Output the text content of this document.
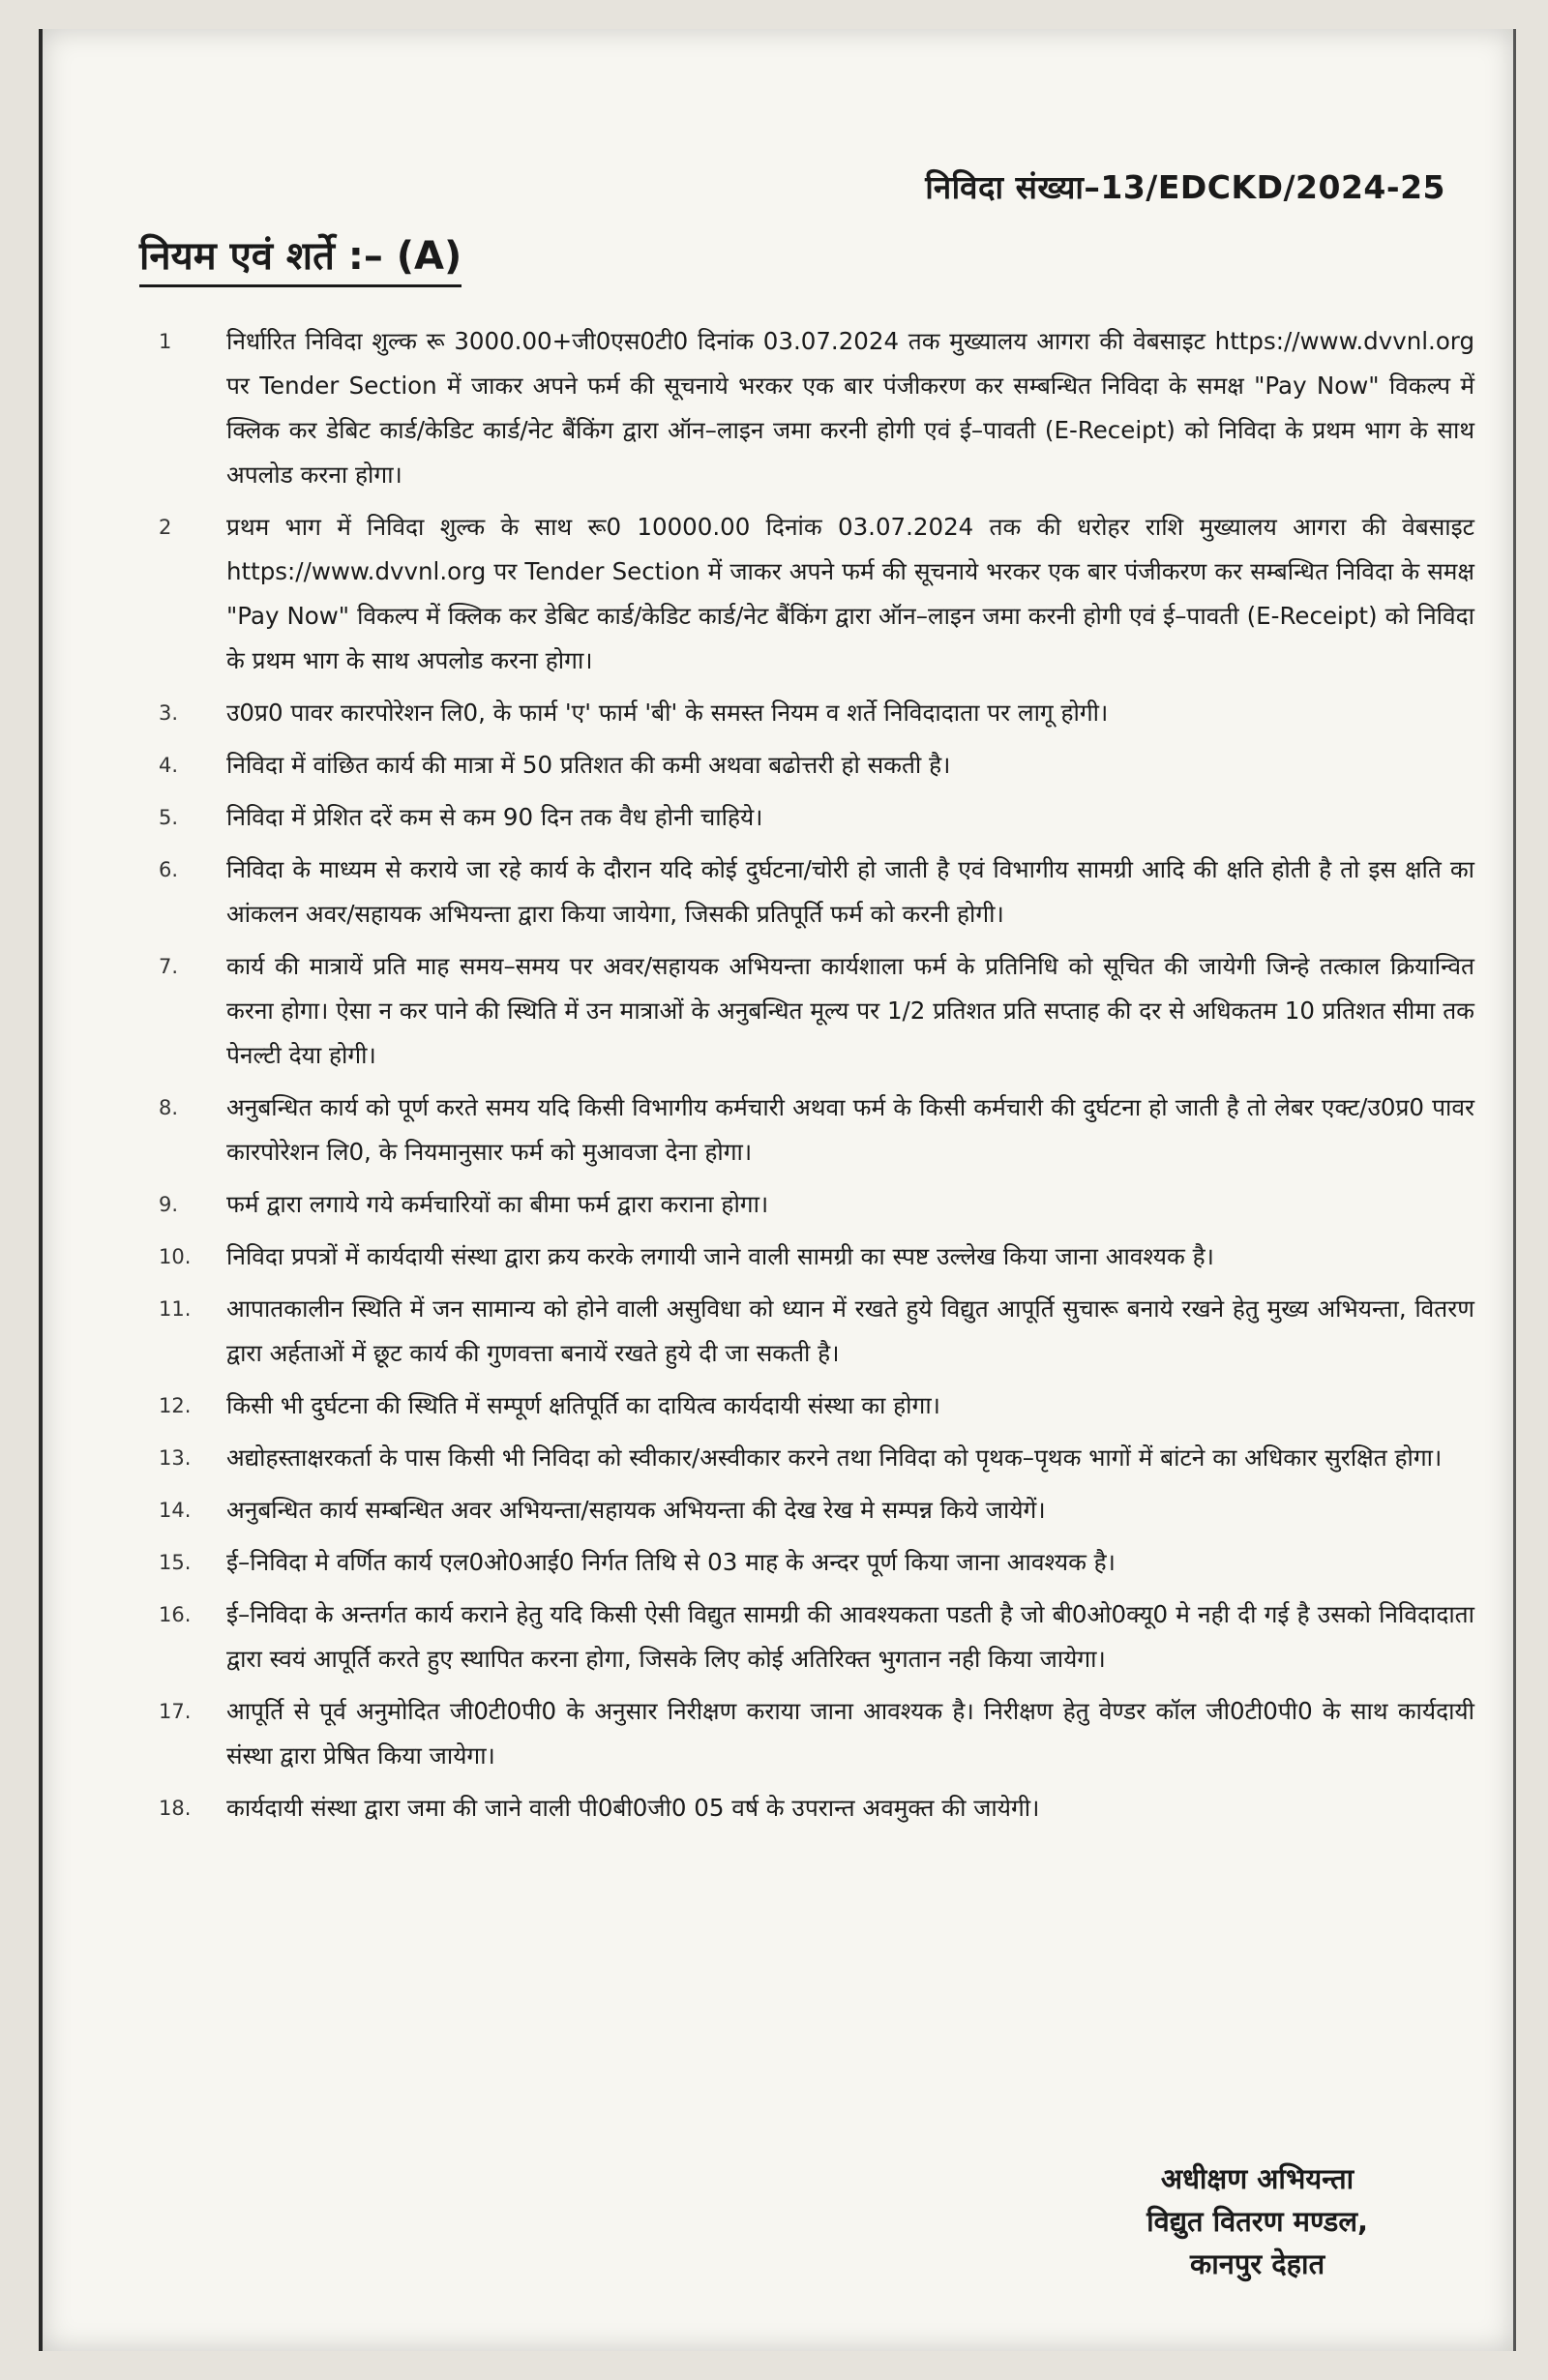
निविदा संख्या–13/EDCKD/2024-25
नियम एवं शर्ते :– (A)
1	निर्धारित निविदा शुल्क रू 3000.00+जी0एस0टी0 दिनांक 03.07.2024 तक मुख्यालय आगरा की वेबसाइट https://www.dvvnl.org पर Tender Section में जाकर अपने फर्म की सूचनाये भरकर एक बार पंजीकरण कर सम्बन्धित निविदा के समक्ष "Pay Now" विकल्प में क्लिक कर डेबिट कार्ड/केडिट कार्ड/नेट बैंकिंग द्वारा ऑन–लाइन जमा करनी होगी एवं ई–पावती (E-Receipt) को निविदा के प्रथम भाग के साथ अपलोड करना होगा।
2	प्रथम भाग में निविदा शुल्क के साथ रू0 10000.00 दिनांक 03.07.2024 तक की धरोहर राशि मुख्यालय आगरा की वेबसाइट https://www.dvvnl.org पर Tender Section में जाकर अपने फर्म की सूचनाये भरकर एक बार पंजीकरण कर सम्बन्धित निविदा के समक्ष "Pay Now" विकल्प में क्लिक कर डेबिट कार्ड/केडिट कार्ड/नेट बैंकिंग द्वारा ऑन–लाइन जमा करनी होगी एवं ई–पावती (E-Receipt) को निविदा के प्रथम भाग के साथ अपलोड करना होगा।
3.	उ0प्र0 पावर कारपोरेशन लि0, के फार्म 'ए' फार्म 'बी' के समस्त नियम व शर्ते निविदादाता पर लागू होगी।
4.	निविदा में वांछित कार्य की मात्रा में 50 प्रतिशत की कमी अथवा बढोत्तरी हो सकती है।
5.	निविदा में प्रेशित दरें कम से कम 90 दिन तक वैध होनी चाहिये।
6.	निविदा के माध्यम से कराये जा रहे कार्य के दौरान यदि कोई दुर्घटना/चोरी हो जाती है एवं विभागीय सामग्री आदि की क्षति होती है तो इस क्षति का आंकलन अवर/सहायक अभियन्ता द्वारा किया जायेगा, जिसकी प्रतिपूर्ति फर्म को करनी होगी।
7.	कार्य की मात्रायें प्रति माह समय–समय पर अवर/सहायक अभियन्ता कार्यशाला फर्म के प्रतिनिधि को सूचित की जायेगी जिन्हे तत्काल क्रियान्वित करना होगा। ऐसा न कर पाने की स्थिति में उन मात्राओं के अनुबन्धित मूल्य पर 1/2 प्रतिशत प्रति सप्ताह की दर से अधिकतम 10 प्रतिशत सीमा तक पेनल्टी देया होगी।
8.	अनुबन्धित कार्य को पूर्ण करते समय यदि किसी विभागीय कर्मचारी अथवा फर्म के किसी कर्मचारी की दुर्घटना हो जाती है तो लेबर एक्ट/उ0प्र0 पावर कारपोरेशन लि0, के नियमानुसार फर्म को मुआवजा देना होगा।
9.	फर्म द्वारा लगाये गये कर्मचारियों का बीमा फर्म द्वारा कराना होगा।
10.	निविदा प्रपत्रों में कार्यदायी संस्था द्वारा क्रय करके लगायी जाने वाली सामग्री का स्पष्ट उल्लेख किया जाना आवश्यक है।
11.	आपातकालीन स्थिति में जन सामान्य को होने वाली असुविधा को ध्यान में रखते हुये विद्युत आपूर्ति सुचारू बनाये रखने हेतु मुख्य अभियन्ता, वितरण द्वारा अर्हताओं में छूट कार्य की गुणवत्ता बनायें रखते हुये दी जा सकती है।
12.	किसी भी दुर्घटना की स्थिति में सम्पूर्ण क्षतिपूर्ति का दायित्व कार्यदायी संस्था का होगा।
13.	अद्योहस्ताक्षरकर्ता के पास किसी भी निविदा को स्वीकार/अस्वीकार करने तथा निविदा को पृथक–पृथक भागों में बांटने का अधिकार सुरक्षित होगा।
14.	अनुबन्धित कार्य सम्बन्धित अवर अभियन्ता/सहायक अभियन्ता की देख रेख मे सम्पन्न किये जायेगें।
15.	ई–निविदा मे वर्णित कार्य एल0ओ0आई0 निर्गत तिथि से 03 माह के अन्दर पूर्ण किया जाना आवश्यक है।
16.	ई–निविदा के अन्तर्गत कार्य कराने हेतु यदि किसी ऐसी विद्युत सामग्री की आवश्यकता पडती है जो बी0ओ0क्यू0 मे नही दी गई है उसको निविदादाता द्वारा स्वयं आपूर्ति करते हुए स्थापित करना होगा, जिसके लिए कोई अतिरिक्त भुगतान नही किया जायेगा।
17.	आपूर्ति से पूर्व अनुमोदित जी0टी0पी0 के अनुसार निरीक्षण कराया जाना आवश्यक है। निरीक्षण हेतु वेण्डर कॉल जी0टी0पी0 के साथ कार्यदायी संस्था द्वारा प्रेषित किया जायेगा।
18.	कार्यदायी संस्था द्वारा जमा की जाने वाली पी0बी0जी0 05 वर्ष के उपरान्त अवमुक्त की जायेगी।
अधीक्षण अभियन्ता
विद्युत वितरण मण्डल,
कानपुर देहात
